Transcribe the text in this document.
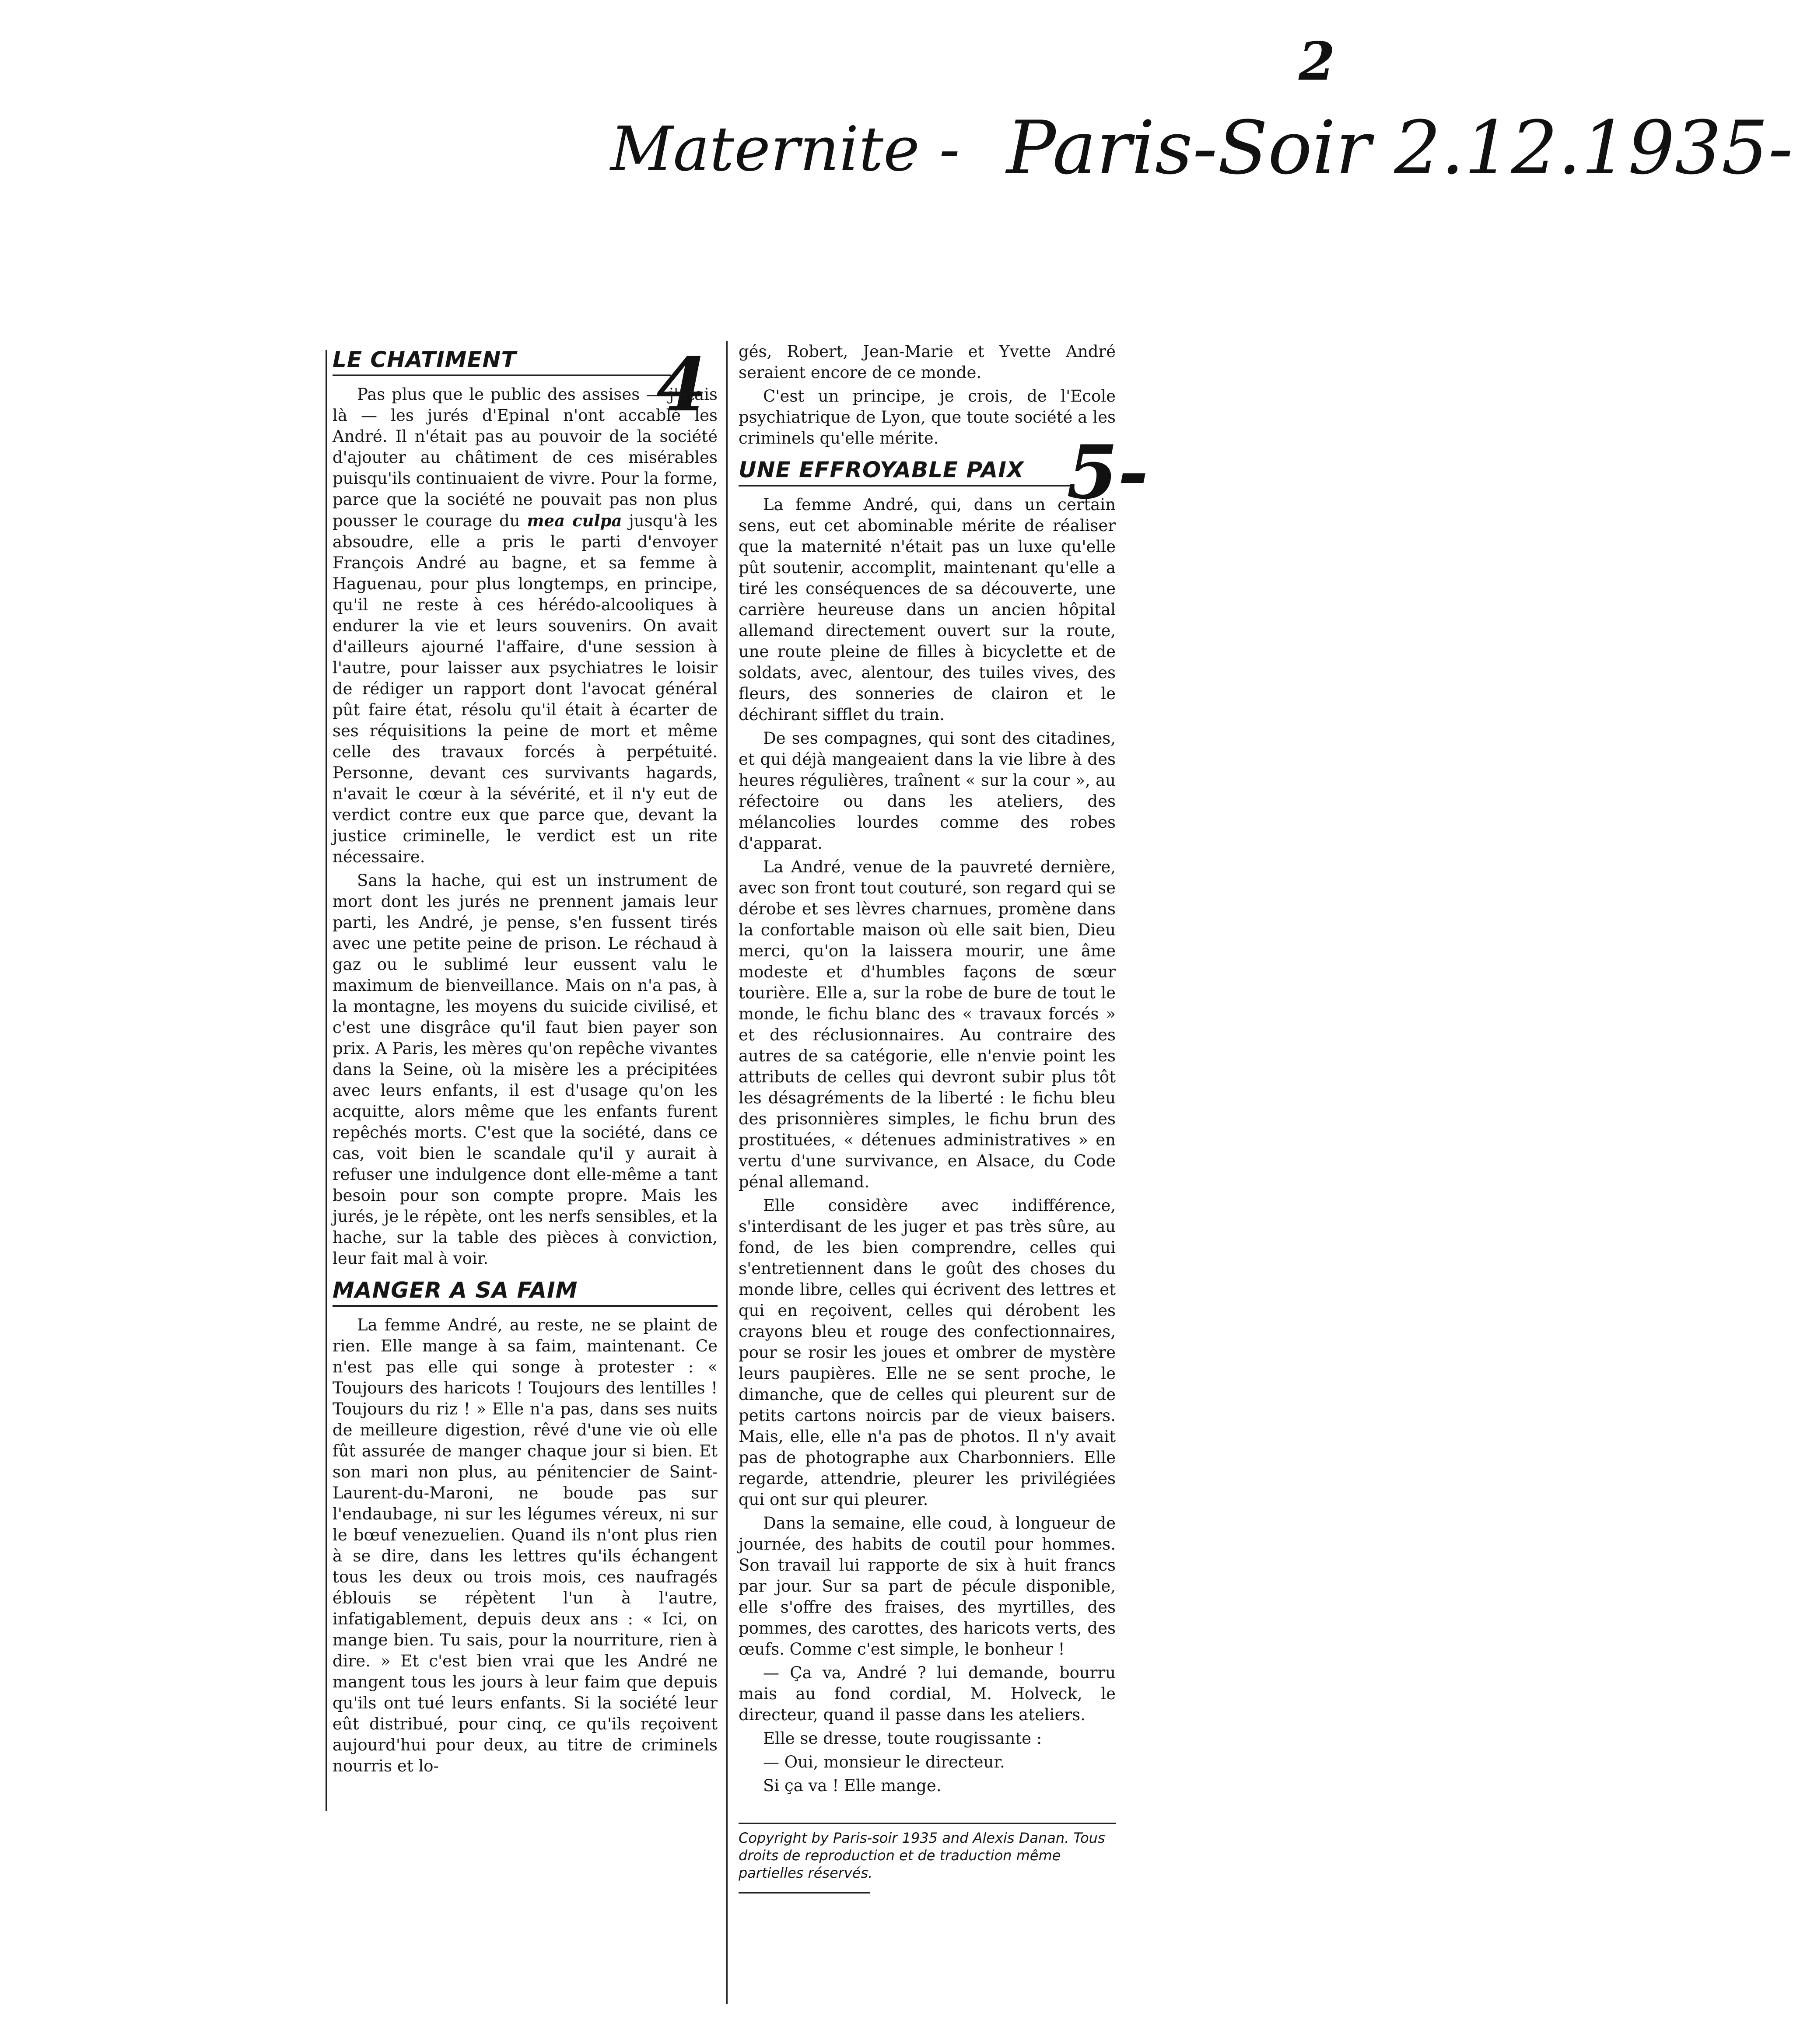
2
Maternite - Paris-Soir 2.12.1935-
4
5-
LE CHATIMENT

Pas plus que le public des assises — j'étais là — les jurés d'Epinal n'ont accablé les André. Il n'était pas au pouvoir de la société d'ajouter au châtiment de ces misérables puisqu'ils continuaient de vivre. Pour la forme, parce que la société ne pouvait pas non plus pousser le courage du mea culpa jusqu'à les absoudre, elle a pris le parti d'envoyer François André au bagne, et sa femme à Haguenau, pour plus longtemps, en principe, qu'il ne reste à ces hérédo-alcooliques à endurer la vie et leurs souvenirs. On avait d'ailleurs ajourné l'affaire, d'une session à l'autre, pour laisser aux psychiatres le loisir de rédiger un rapport dont l'avocat général pût faire état, résolu qu'il était à écarter de ses réquisitions la peine de mort et même celle des travaux forcés à perpétuité. Personne, devant ces survivants hagards, n'avait le cœur à la sévérité, et il n'y eut de verdict contre eux que parce que, devant la justice criminelle, le verdict est un rite nécessaire.

Sans la hache, qui est un instrument de mort dont les jurés ne prennent jamais leur parti, les André, je pense, s'en fussent tirés avec une petite peine de prison. Le réchaud à gaz ou le sublimé leur eussent valu le maximum de bienveillance. Mais on n'a pas, à la montagne, les moyens du suicide civilisé, et c'est une disgrâce qu'il faut bien payer son prix. A Paris, les mères qu'on repêche vivantes dans la Seine, où la misère les a précipitées avec leurs enfants, il est d'usage qu'on les acquitte, alors même que les enfants furent repêchés morts. C'est que la société, dans ce cas, voit bien le scandale qu'il y aurait à refuser une indulgence dont elle-même a tant besoin pour son compte propre. Mais les jurés, je le répète, ont les nerfs sensibles, et la hache, sur la table des pièces à conviction, leur fait mal à voir.

MANGER A SA FAIM

La femme André, au reste, ne se plaint de rien. Elle mange à sa faim, maintenant. Ce n'est pas elle qui songe à protester : « Toujours des haricots ! Toujours des lentilles ! Toujours du riz ! » Elle n'a pas, dans ses nuits de meilleure digestion, rêvé d'une vie où elle fût assurée de manger chaque jour si bien. Et son mari non plus, au pénitencier de Saint-Laurent-du-Maroni, ne boude pas sur l'endaubage, ni sur les légumes véreux, ni sur le bœuf venezuelien. Quand ils n'ont plus rien à se dire, dans les lettres qu'ils échangent tous les deux ou trois mois, ces naufragés éblouis se répètent l'un à l'autre, infatigablement, depuis deux ans : « Ici, on mange bien. Tu sais, pour la nourriture, rien à dire. » Et c'est bien vrai que les André ne mangent tous les jours à leur faim que depuis qu'ils ont tué leurs enfants. Si la société leur eût distribué, pour cinq, ce qu'ils reçoivent aujourd'hui pour deux, au titre de criminels nourris et lo-

gés, Robert, Jean-Marie et Yvette André seraient encore de ce monde.

C'est un principe, je crois, de l'Ecole psychiatrique de Lyon, que toute société a les criminels qu'elle mérite.

UNE EFFROYABLE PAIX

La femme André, qui, dans un certain sens, eut cet abominable mérite de réaliser que la maternité n'était pas un luxe qu'elle pût soutenir, accomplit, maintenant qu'elle a tiré les conséquences de sa découverte, une carrière heureuse dans un ancien hôpital allemand directement ouvert sur la route, une route pleine de filles à bicyclette et de soldats, avec, alentour, des tuiles vives, des fleurs, des sonneries de clairon et le déchirant sifflet du train.

De ses compagnes, qui sont des citadines, et qui déjà mangeaient dans la vie libre à des heures régulières, traînent « sur la cour », au réfectoire ou dans les ateliers, des mélancolies lourdes comme des robes d'apparat.

La André, venue de la pauvreté dernière, avec son front tout couturé, son regard qui se dérobe et ses lèvres charnues, promène dans la confortable maison où elle sait bien, Dieu merci, qu'on la laissera mourir, une âme modeste et d'humbles façons de sœur tourière. Elle a, sur la robe de bure de tout le monde, le fichu blanc des « travaux forcés » et des réclusionnaires. Au contraire des autres de sa catégorie, elle n'envie point les attributs de celles qui devront subir plus tôt les désagréments de la liberté : le fichu bleu des prisonnières simples, le fichu brun des prostituées, « détenues administratives » en vertu d'une survivance, en Alsace, du Code pénal allemand.

Elle considère avec indifférence, s'interdisant de les juger et pas très sûre, au fond, de les bien comprendre, celles qui s'entretiennent dans le goût des choses du monde libre, celles qui écrivent des lettres et qui en reçoivent, celles qui dérobent les crayons bleu et rouge des confectionnaires, pour se rosir les joues et ombrer de mystère leurs paupières. Elle ne se sent proche, le dimanche, que de celles qui pleurent sur de petits cartons noircis par de vieux baisers. Mais, elle, elle n'a pas de photos. Il n'y avait pas de photographe aux Charbonniers. Elle regarde, attendrie, pleurer les privilégiées qui ont sur qui pleurer.

Dans la semaine, elle coud, à longueur de journée, des habits de coutil pour hommes. Son travail lui rapporte de six à huit francs par jour. Sur sa part de pécule disponible, elle s'offre des fraises, des myrtilles, des pommes, des carottes, des haricots verts, des œufs. Comme c'est simple, le bonheur !

— Ça va, André ? lui demande, bourru mais au fond cordial, M. Holveck, le directeur, quand il passe dans les ateliers.

Elle se dresse, toute rougissante :

— Oui, monsieur le directeur.

Si ça va ! Elle mange.

Copyright by Paris-soir 1935 and Alexis Danan. Tous droits de reproduction et de traduction même partielles réservés.
